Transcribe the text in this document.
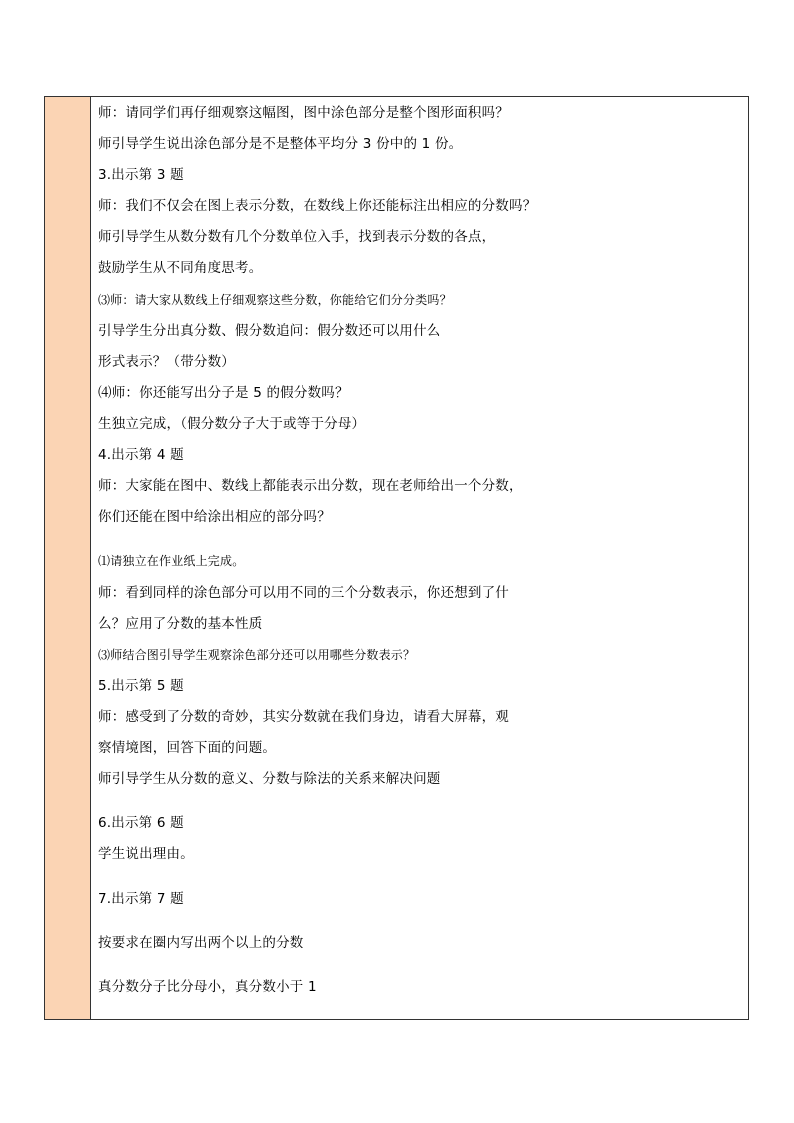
师：请同学们再仔细观察这幅图，图中涂色部分是整个图形面积吗？
师引导学生说出涂色部分是不是整体平均分 3 份中的 1 份。
3.出示第 3 题
师：我们不仅会在图上表示分数，在数线上你还能标注出相应的分数吗？
师引导学生从数分数有几个分数单位入手，找到表示分数的各点，
鼓励学生从不同角度思考。
⑶师：请大家从数线上仔细观察这些分数，你能给它们分分类吗？
引导学生分出真分数、假分数追问：假分数还可以用什么
形式表示？（带分数）
⑷师：你还能写出分子是 5 的假分数吗？
生独立完成，（假分数分子大于或等于分母）
4.出示第 4 题
师：大家能在图中、数线上都能表示出分数，现在老师给出一个分数，
你们还能在图中给涂出相应的部分吗？
⑴请独立在作业纸上完成。
师：看到同样的涂色部分可以用不同的三个分数表示，你还想到了什
么？应用了分数的基本性质
⑶师结合图引导学生观察涂色部分还可以用哪些分数表示？
5.出示第 5 题
师：感受到了分数的奇妙，其实分数就在我们身边，请看大屏幕，观
察情境图，回答下面的问题。
师引导学生从分数的意义、分数与除法的关系来解决问题
6.出示第 6 题
学生说出理由。
7.出示第 7 题
按要求在圈内写出两个以上的分数
真分数分子比分母小，真分数小于 1
